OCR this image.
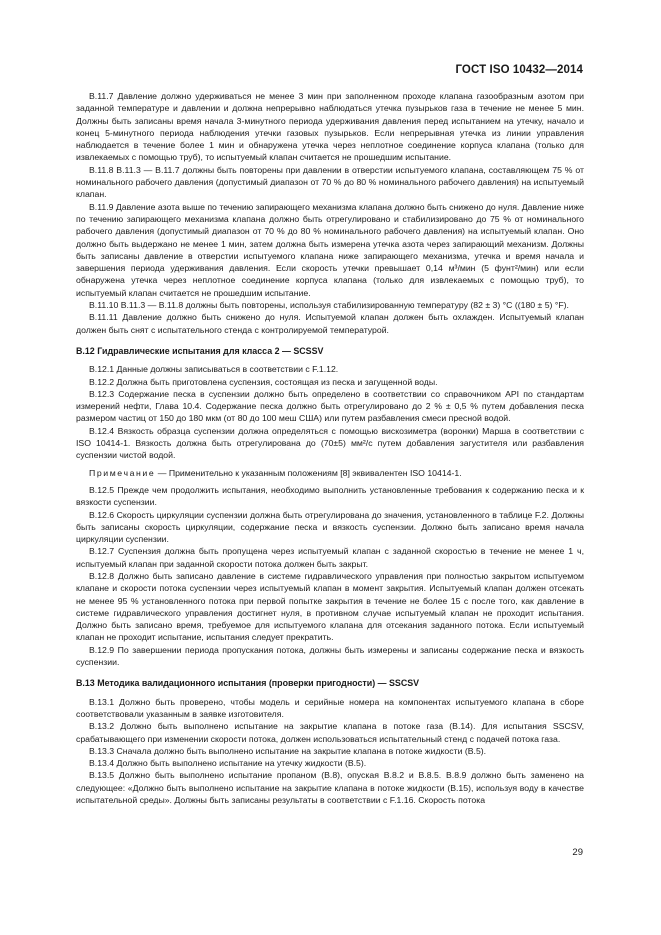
ГОСТ ISO 10432—2014

В.11.7 Давление должно удерживаться не менее 3 мин при заполненном проходе клапана газообразным азотом при заданной температуре и давлении и должна непрерывно наблюдаться утечка пузырьков газа в течение не менее 5 мин. Должны быть записаны время начала 3-минутного периода удерживания давления перед испытанием на утечку, начало и конец 5-минутного периода наблюдения утечки газовых пузырьков. Если непрерывная утечка из линии управления наблюдается в течение более 1 мин и обнаружена утечка через неплотное соединение корпуса клапана (только для извлекаемых с помощью труб), то испытуемый клапан считается не прошедшим испытание.

В.11.8 В.11.3 — В.11.7 должны быть повторены при давлении в отверстии испытуемого клапана, составляющем 75 % от номинального рабочего давления (допустимый диапазон от 70 % до 80 % номинального рабочего давления) на испытуемый клапан.

В.11.9 Давление азота выше по течению запирающего механизма клапана должно быть снижено до нуля. Давление ниже по течению запирающего механизма клапана должно быть отрегулировано и стабилизировано до 75 % от номинального рабочего давления (допустимый диапазон от 70 % до 80 % номинального рабочего давления) на испытуемый клапан. Оно должно быть выдержано не менее 1 мин, затем должна быть измерена утечка азота через запирающий механизм. Должны быть записаны давление в отверстии испытуемого клапана ниже запирающего механизма, утечка и время начала и завершения периода удерживания давления. Если скорость утечки превышает 0,14 м³/мин (5 фунт²/мин) или если обнаружена утечка через неплотное соединение корпуса клапана (только для извлекаемых с помощью труб), то испытуемый клапан считается не прошедшим испытание.

В.11.10 В.11.3 — В.11.8 должны быть повторены, используя стабилизированную температуру (82 ± 3) °С ((180 ± 5) °F).

В.11.11 Давление должно быть снижено до нуля. Испытуемой клапан должен быть охлажден. Испытуемый клапан должен быть снят с испытательного стенда с контролируемой температурой.

В.12 Гидравлические испытания для класса 2 — SCSSV

В.12.1 Данные должны записываться в соответствии с F.1.12.

В.12.2 Должна быть приготовлена суспензия, состоящая из песка и загущенной воды.

В.12.3 Содержание песка в суспензии должно быть определено в соответствии со справочником API по стандартам измерений нефти, Глава 10.4. Содержание песка должно быть отрегулировано до 2 % ± 0,5 % путем добавления песка размером частиц от 150 до 180 мкм (от 80 до 100 меш США) или путем разбавления смеси пресной водой.

В.12.4 Вязкость образца суспензии должна определяться с помощью вискозиметра (воронки) Марша в соответствии с ISO 10414-1. Вязкость должна быть отрегулирована до (70±5) мм²/с путем добавления загустителя или разбавления суспензии чистой водой.

Примечание — Применительно к указанным положениям [8] эквивалентен ISO 10414-1.

В.12.5 Прежде чем продолжить испытания, необходимо выполнить установленные требования к содержанию песка и к вязкости суспензии.

В.12.6 Скорость циркуляции суспензии должна быть отрегулирована до значения, установленного в таблице F.2. Должны быть записаны скорость циркуляции, содержание песка и вязкость суспензии. Должно быть записано время начала циркуляции суспензии.

В.12.7 Суспензия должна быть пропущена через испытуемый клапан с заданной скоростью в течение не менее 1 ч, испытуемый клапан при заданной скорости потока должен быть закрыт.

В.12.8 Должно быть записано давление в системе гидравлического управления при полностью закрытом испытуемом клапане и скорости потока суспензии через испытуемый клапан в момент закрытия. Испытуемый клапан должен отсекать не менее 95 % установленного потока при первой попытке закрытия в течение не более 15 с после того, как давление в системе гидравлического управления достигнет нуля, в противном случае испытуемый клапан не проходит испытания. Должно быть записано время, требуемое для испытуемого клапана для отсекания заданного потока. Если испытуемый клапан не проходит испытание, испытания следует прекратить.

В.12.9 По завершении периода пропускания потока, должны быть измерены и записаны содержание песка и вязкость суспензии.

В.13 Методика валидационного испытания (проверки пригодности) — SSCSV

В.13.1 Должно быть проверено, чтобы модель и серийные номера на компонентах испытуемого клапана в сборе соответствовали указанным в заявке изготовителя.

В.13.2 Должно быть выполнено испытание на закрытие клапана в потоке газа (В.14). Для испытания SSCSV, срабатывающего при изменении скорости потока, должен использоваться испытательный стенд с подачей потока газа.

В.13.3 Сначала должно быть выполнено испытание на закрытие клапана в потоке жидкости (В.5).

В.13.4 Должно быть выполнено испытание на утечку жидкости (В.5).

В.13.5 Должно быть выполнено испытание пропаном (В.8), опуская В.8.2 и В.8.5. В.8.9 должно быть заменено на следующее: «Должно быть выполнено испытание на закрытие клапана в потоке жидкости (В.15), используя воду в качестве испытательной среды». Должны быть записаны результаты в соответствии с F.1.16. Скорость потока

29
